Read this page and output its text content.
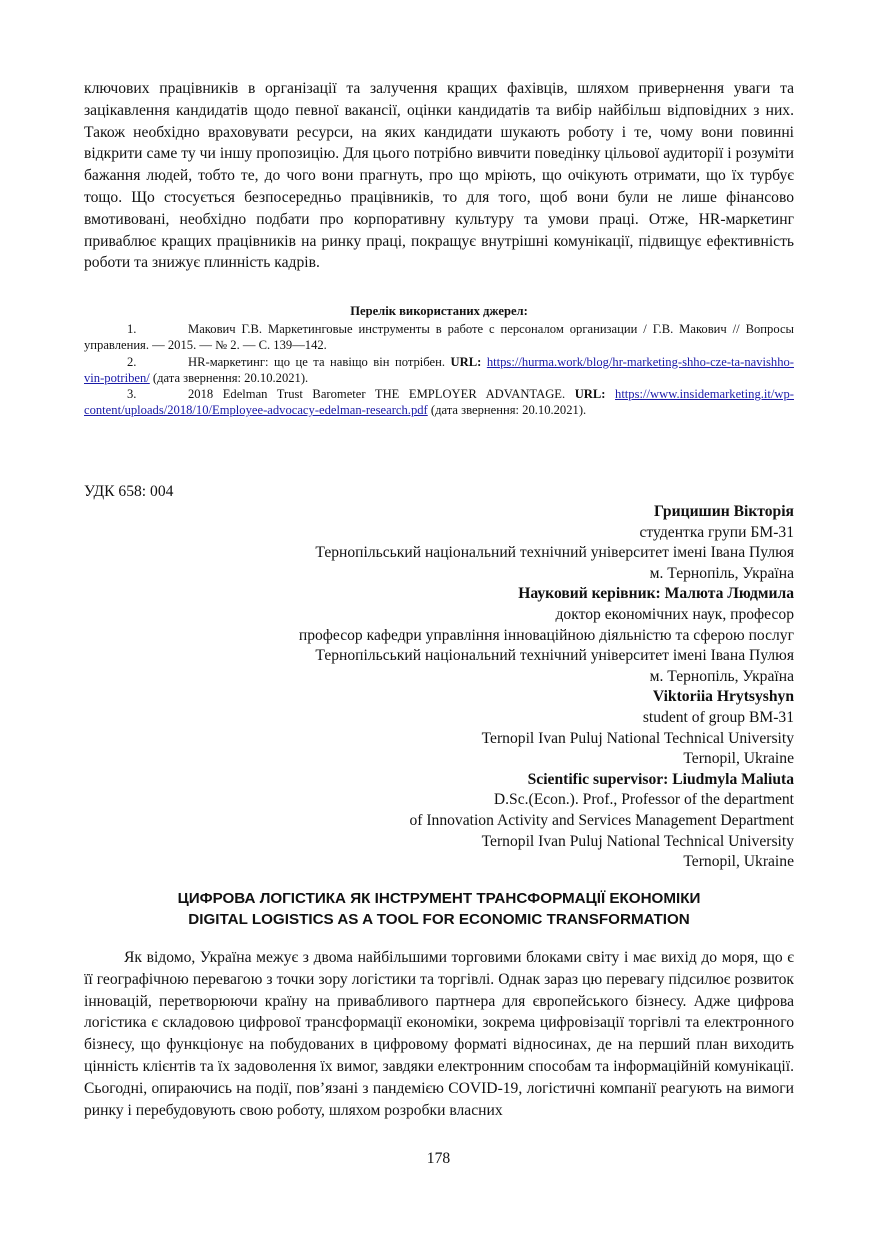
ключових працівників в організації та залучення кращих фахівців, шляхом привернення уваги та зацікавлення кандидатів щодо певної вакансії, оцінки кандидатів та вибір найбільш відповідних з них. Також необхідно враховувати ресурси, на яких кандидати шукають роботу і те, чому вони повинні відкрити саме ту чи іншу пропозицію. Для цього потрібно вивчити поведінку цільової аудиторії і розуміти бажання людей, тобто те, до чого вони прагнуть, про що мріють, що очікують отримати, що їх турбує тощо. Що стосується безпосередньо працівників, то для того, щоб вони були не лише фінансово вмотивовані, необхідно подбати про корпоративну культуру та умови праці. Отже, HR-маркетинг приваблює кращих працівників на ринку праці, покращує внутрішні комунікації, підвищує ефективність роботи та знижує плинність кадрів.

Перелік використаних джерел:

1.	Макович Г.В. Маркетинговые инструменты в работе с персоналом организации / Г.В. Макович // Вопросы управления. — 2015. — № 2. — С. 139—142.

2.	HR-маркетинг: що це та навіщо він потрібен. URL: https://hurma.work/blog/hr-marketing-shho-cze-ta-navishho-vin-potriben/ (дата звернення: 20.10.2021).

3.	2018 Edelman Trust Barometer THE EMPLOYER ADVANTAGE. URL: https://www.insidemarketing.it/wp-content/uploads/2018/10/Employee-advocacy-edelman-research.pdf (дата звернення: 20.10.2021).

УДК 658: 004
Грицишин Вікторія
студентка групи БМ-31
Тернопільський національний технічний університет імені Івана Пулюя
м. Тернопіль, Україна
Науковий керівник: Малюта Людмила
доктор економічних наук, професор
професор кафедри управління інноваційною діяльністю та сферою послуг
Тернопільський національний технічний університет імені Івана Пулюя
м. Тернопіль, Україна
Viktoriia Hrytsyshyn
student of group BM-31
Ternopil Ivan Puluj National Technical University
Ternopil, Ukraine
Scientific supervisor: Liudmyla Maliuta
D.Sc.(Econ.). Prof., Professor of the department
of Innovation Activity and Services Management Department
Ternopil Ivan Puluj National Technical University
Ternopil, Ukraine
ЦИФРОВА ЛОГІСТИКА ЯК ІНСТРУМЕНТ ТРАНСФОРМАЦІЇ ЕКОНОМІКИ
DIGITAL LOGISTICS AS A TOOL FOR ECONOMIC TRANSFORMATION

Як відомо, Україна межує з двома найбільшими торговими блоками світу і має вихід до моря, що є її географічною перевагою з точки зору логістики та торгівлі. Однак зараз цю перевагу підсилює розвиток інновацій, перетворюючи країну на привабливого партнера для європейського бізнесу. Адже цифрова логістика є складовою цифрової трансформації економіки, зокрема цифровізації торгівлі та електронного бізнесу, що функціонує на побудованих в цифровому форматі відносинах, де на перший план виходить цінність клієнтів та їх задоволення їх вимог, завдяки електронним способам та інформаційній комунікації. Сьогодні, опираючись на події, пов’язані з пандемією COVID-19, логістичні компанії реагують на вимоги ринку і перебудовують свою роботу, шляхом розробки власних

178
